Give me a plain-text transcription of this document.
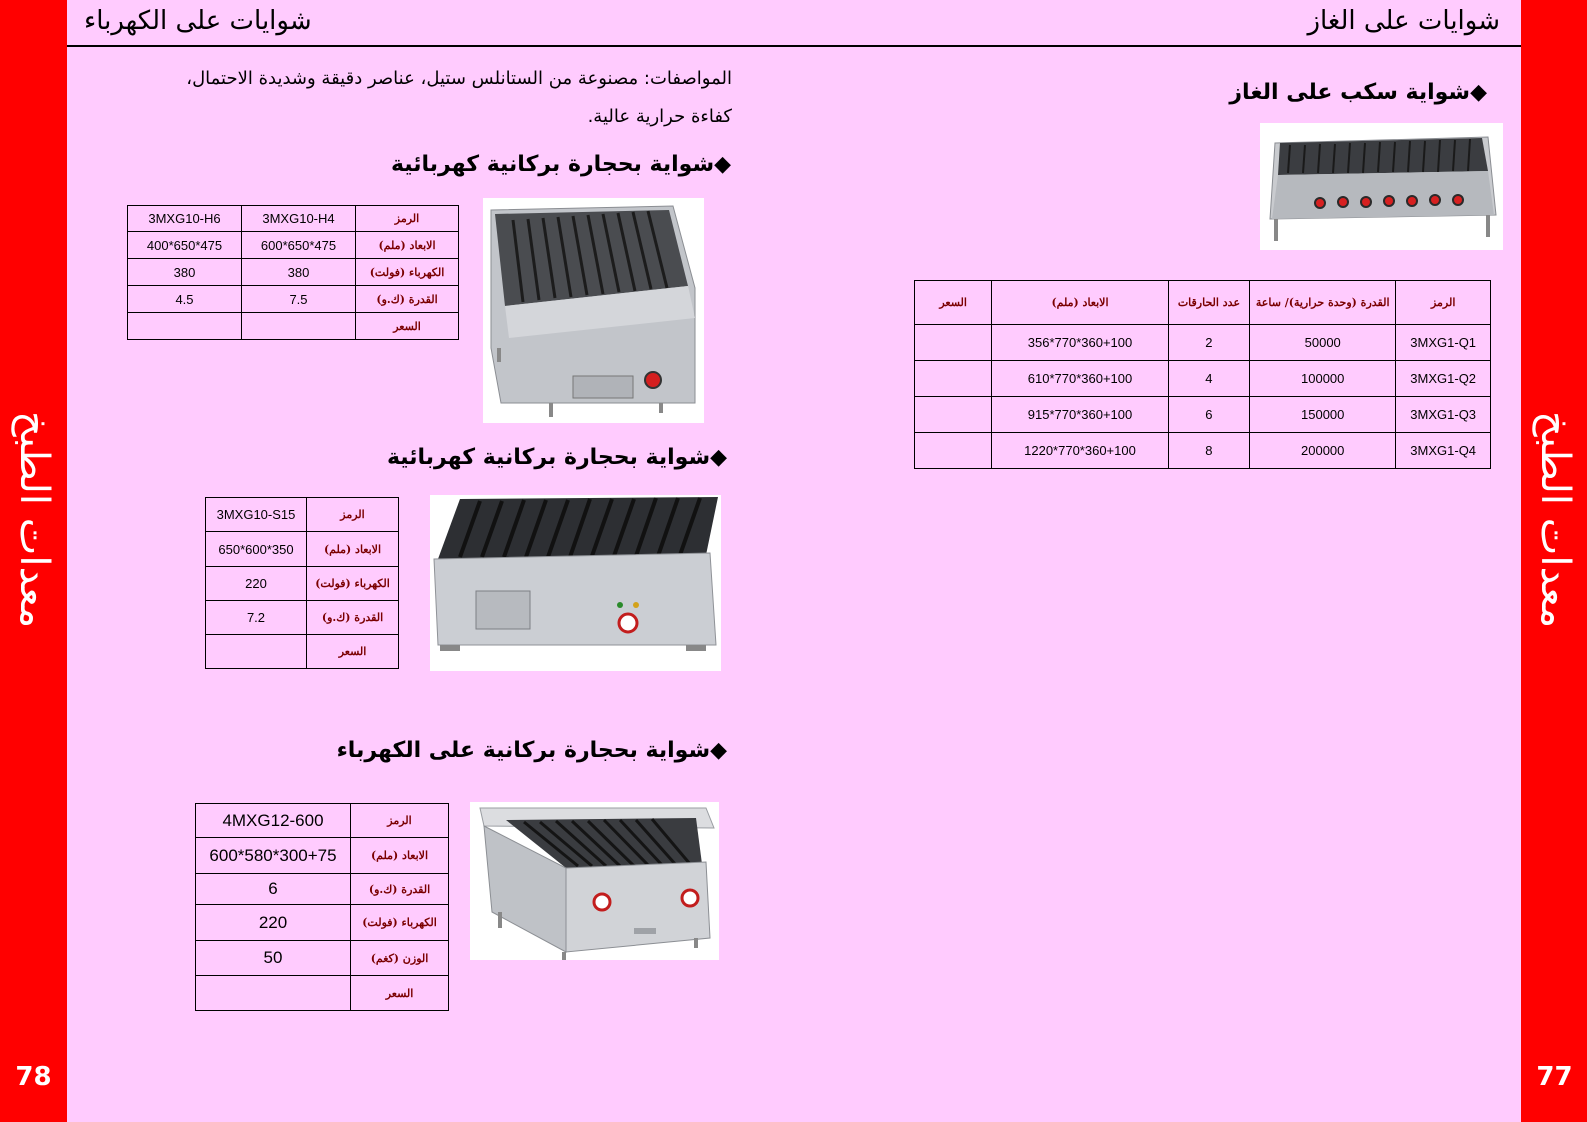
معدات الطبخ
78
معدات الطبخ
77
شوايات على الكهرباء	شوايات على الغاز
المواصفات: مصنوعة من الستانلس ستيل، عناصر دقيقة وشديدة الاحتمال،
كفاءة حرارية عالية.
◆شواية سكب على الغاز
السعر	الابعاد (ملم)	عدد الحارقات	القدرة (وحدة حرارية)/ ساعة	الرمز
	356*770*360+100	2	50000	3MXG1-Q1
	610*770*360+100	4	100000	3MXG1-Q2
	915*770*360+100	6	150000	3MXG1-Q3
	1220*770*360+100	8	200000	3MXG1-Q4
◆شواية بحجارة بركانية كهربائية
3MXG10-H6	3MXG10-H4	الرمز
400*650*475	600*650*475	الابعاد (ملم)
380	380	الكهرباء (فولت)
4.5	7.5	القدرة (ك.و)
		السعر
◆شواية بحجارة بركانية كهربائية
3MXG10-S15	الرمز
650*600*350	الابعاد (ملم)
220	الكهرباء (فولت)
7.2	القدرة (ك.و)
	السعر
◆شواية بحجارة بركانية على الكهرباء
4MXG12-600	الرمز
600*580*300+75	الابعاد (ملم)
6	القدرة (ك.و)
220	الكهرباء (فولت)
50	الوزن (كغم)
	السعر
